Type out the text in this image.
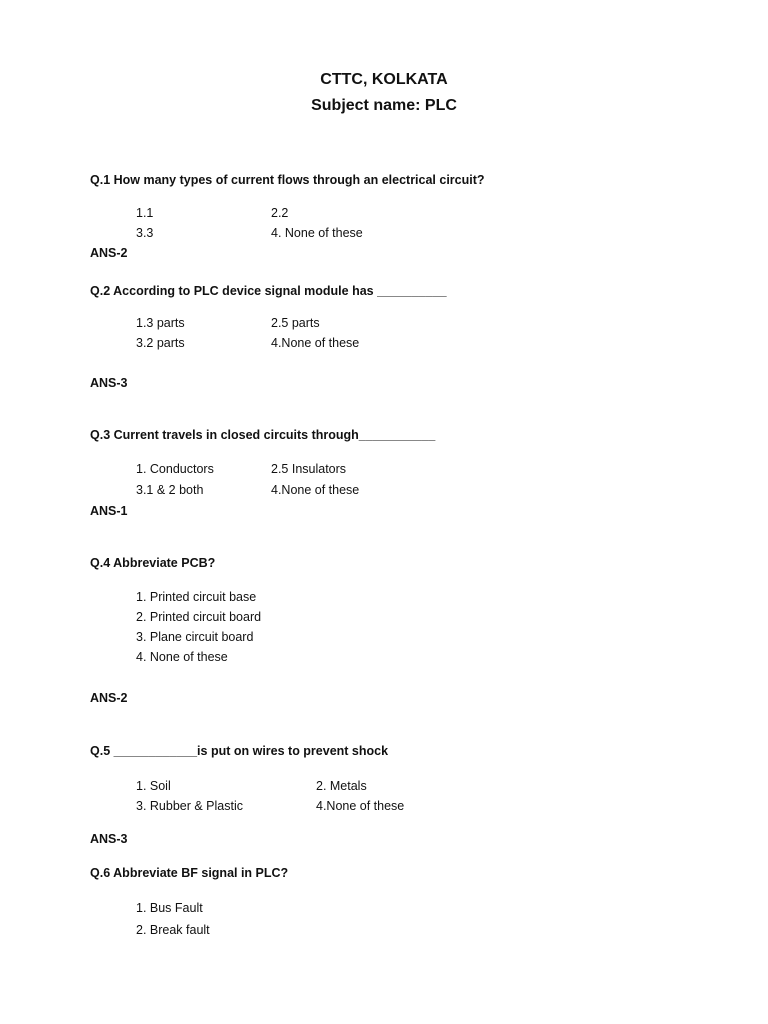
CTTC, KOLKATA
Subject name: PLC
Q.1 How many types of current flows through an electrical circuit?
1.1	2.2
3.3	4. None of these
ANS-2
Q.2 According to PLC device signal module has __________
1.3 parts	2.5 parts
3.2 parts	4.None of these
ANS-3
Q.3 Current travels in closed circuits through___________
1. Conductors	2.5 Insulators
3.1 & 2 both	4.None of these
ANS-1
Q.4 Abbreviate PCB?
1. Printed circuit base
2. Printed circuit board
3. Plane circuit board
4. None of these
ANS-2
Q.5 ____________is put on wires to prevent shock
1. Soil	2. Metals
3. Rubber & Plastic	4.None of these
ANS-3
Q.6 Abbreviate BF signal in PLC?
1. Bus Fault
2. Break fault
